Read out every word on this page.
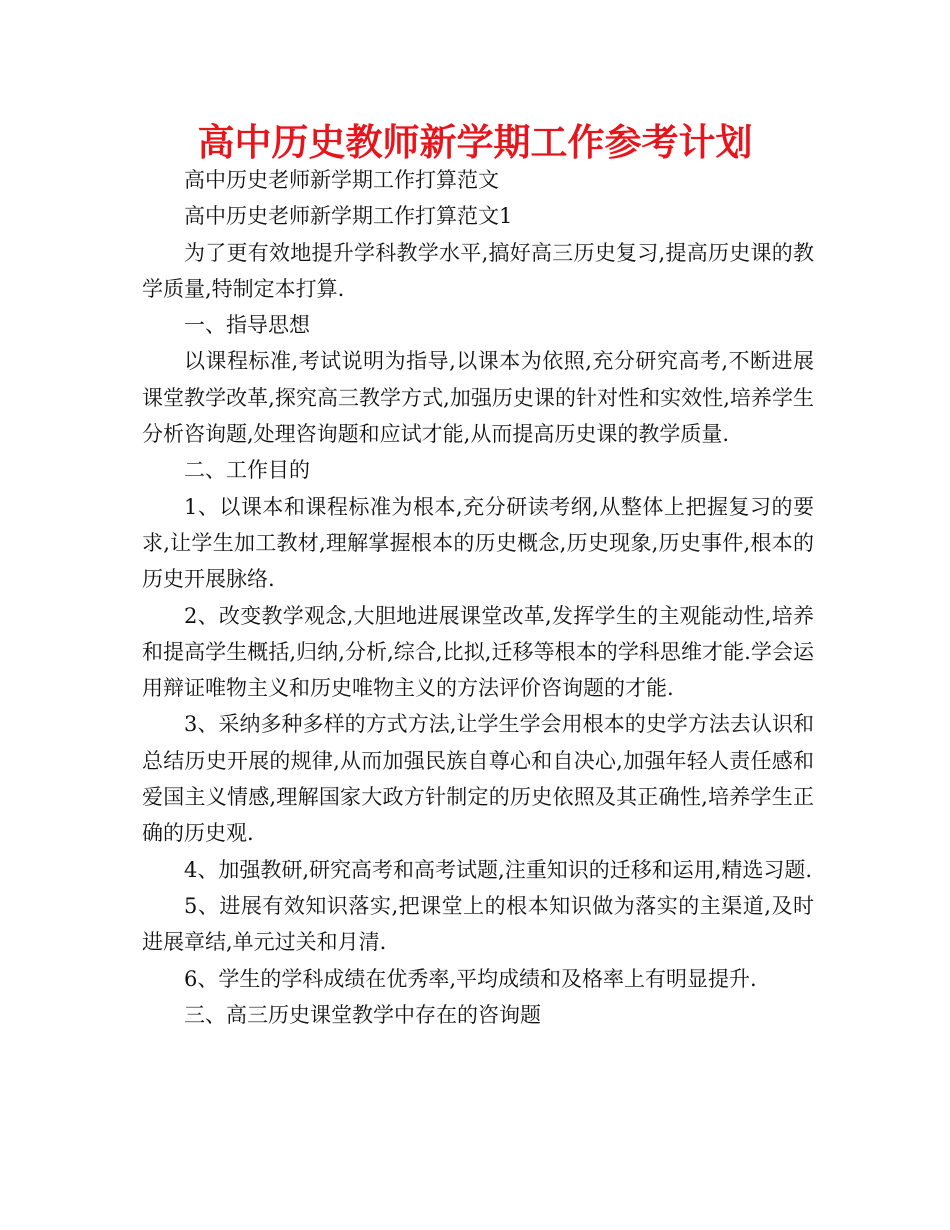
高中历史教师新学期工作参考计划

高中历史老师新学期工作打算范文

高中历史老师新学期工作打算范文1

为了更有效地提升学科教学水平,搞好高三历史复习,提高历史课的教学质量,特制定本打算.

一、指导思想

以课程标准,考试说明为指导,以课本为依照,充分研究高考,不断进展课堂教学改革,探究高三教学方式,加强历史课的针对性和实效性,培养学生分析咨询题,处理咨询题和应试才能,从而提高历史课的教学质量.

二、工作目的

1、以课本和课程标准为根本,充分研读考纲,从整体上把握复习的要求,让学生加工教材,理解掌握根本的历史概念,历史现象,历史事件,根本的历史开展脉络.

2、改变教学观念,大胆地进展课堂改革,发挥学生的主观能动性,培养和提高学生概括,归纳,分析,综合,比拟,迁移等根本的学科思维才能.学会运用辩证唯物主义和历史唯物主义的方法评价咨询题的才能.

3、采纳多种多样的方式方法,让学生学会用根本的史学方法去认识和总结历史开展的规律,从而加强民族自尊心和自决心,加强年轻人责任感和爱国主义情感,理解国家大政方针制定的历史依照及其正确性,培养学生正确的历史观.

4、加强教研,研究高考和高考试题,注重知识的迁移和运用,精选习题.

5、进展有效知识落实,把课堂上的根本知识做为落实的主渠道,及时进展章结,单元过关和月清.

6、学生的学科成绩在优秀率,平均成绩和及格率上有明显提升.

三、高三历史课堂教学中存在的咨询题
